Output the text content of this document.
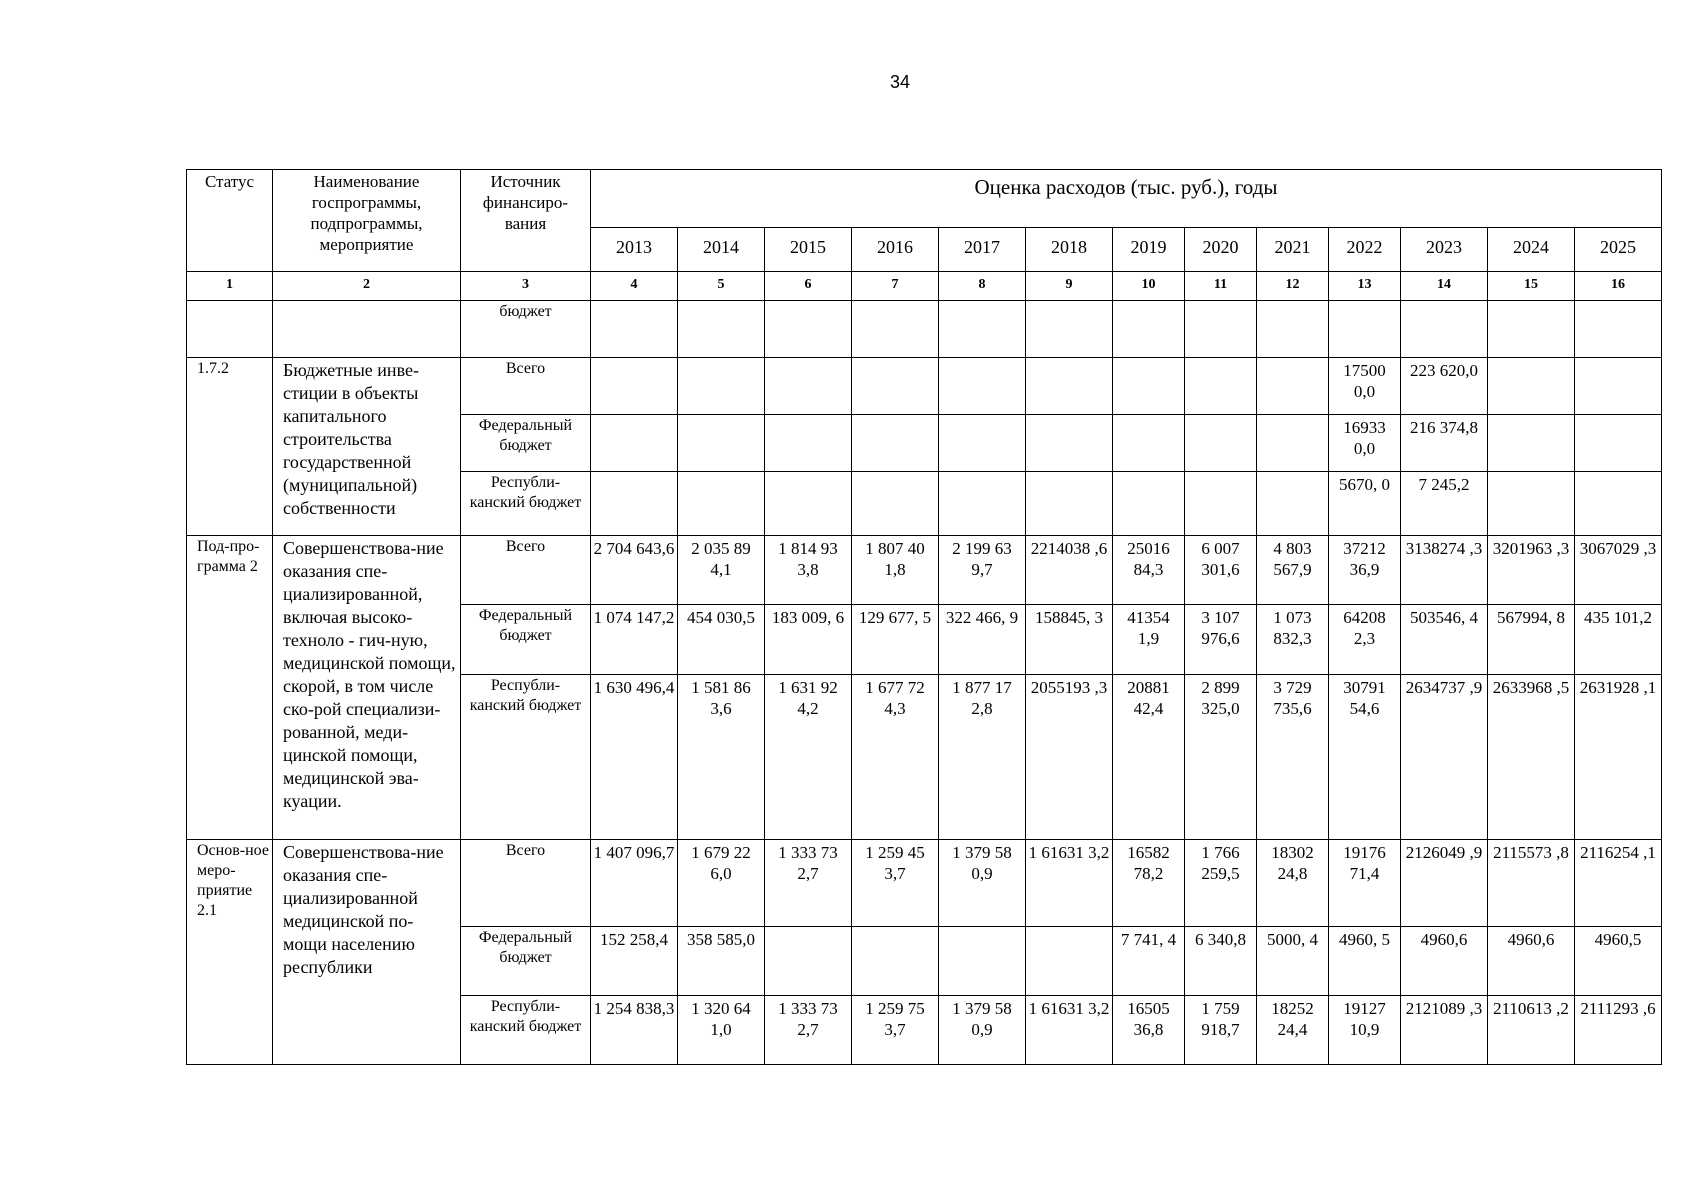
34
Статус	Наименование госпрограммы, подпрограммы, мероприятие	Источник финансиро-вания	Оценка расходов (тыс. руб.), годы												
			2013	2014	2015	2016	2017	2018	2019	2020	2021	2022	2023	2024	2025
1	2	3	4	5	6	7	8	9	10	11	12	13	14	15	16
		бюджет													
1.7.2	Бюджетные инве-стиции в объекты капитального строительства государственной (муниципальной) собственности	Всего										17500 0,0	223 620,0		
		Федеральный бюджет										16933 0,0	216 374,8		
		Республи-канский бюджет										5670, 0	7 245,2		
Под-про-грамма 2	Совершенствова-ние оказания спе-циализированной, включая высоко-техноло - гич-ную, медицинской помощи, скорой, в том числе ско-рой специализи-рованной, меди-цинской помощи, медицинской эва-куации.	Всего	2 704 643,6	2 035 89 4,1	1 814 93 3,8	1 807 40 1,8	2 199 63 9,7	2214038 ,6	25016 84,3	6 007 301,6	4 803 567,9	37212 36,9	3138274 ,3	3201963 ,3	3067029 ,3
		Федеральный бюджет	1 074 147,2	454 030,5	183 009, 6	129 677, 5	322 466, 9	158845, 3	41354 1,9	3 107 976,6	1 073 832,3	64208 2,3	503546, 4	567994, 8	435 101,2
		Республи-канский бюджет	1 630 496,4	1 581 86 3,6	1 631 92 4,2	1 677 72 4,3	1 877 17 2,8	2055193 ,3	20881 42,4	2 899 325,0	3 729 735,6	30791 54,6	2634737 ,9	2633968 ,5	2631928 ,1
Основ-ное меро-приятие 2.1	Совершенствова-ние оказания спе-циализированной медицинской по-мощи населению республики	Всего	1 407 096,7	1 679 22 6,0	1 333 73 2,7	1 259 45 3,7	1 379 58 0,9	1 61631 3,2	16582 78,2	1 766 259,5	18302 24,8	19176 71,4	2126049 ,9	2115573 ,8	2116254 ,1
		Федеральный бюджет	152 258,4	358 585,0					7 741, 4	6 340,8	5000, 4	4960, 5	4960,6	4960,6	4960,5
		Республи-канский бюджет	1 254 838,3	1 320 64 1,0	1 333 73 2,7	1 259 75 3,7	1 379 58 0,9	1 61631 3,2	16505 36,8	1 759 918,7	18252 24,4	19127 10,9	2121089 ,3	2110613 ,2	2111293 ,6
